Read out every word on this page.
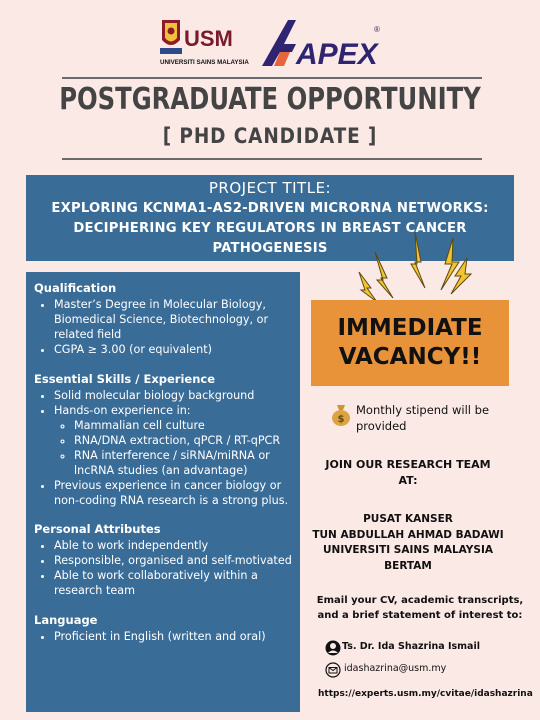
USM
UNIVERSITI SAINS MALAYSIA APEX
®
POSTGRADUATE OPPORTUNITY
[ PHD CANDIDATE ]
PROJECT TITLE:
EXPLORING KCNMA1-AS2-DRIVEN MICRORNA NETWORKS: DECIPHERING KEY REGULATORS IN BREAST CANCER PATHOGENESIS
Qualification
• Master’s Degree in Molecular Biology, Biomedical Science, Biotechnology, or related field
• CGPA ≥ 3.00 (or equivalent)
Essential Skills / Experience
• Solid molecular biology background
• Hands-on experience in:
◦ Mammalian cell culture
◦ RNA/DNA extraction, qPCR / RT-qPCR
◦ RNA interference / siRNA/miRNA or lncRNA studies (an advantage)
• Previous experience in cancer biology or non-coding RNA research is a strong plus.
Personal Attributes
• Able to work independently
• Responsible, organised and self-motivated
• Able to work collaboratively within a research team
Language
• Proficient in English (written and oral)
IMMEDIATE
VACANCY!!
$
Monthly stipend will be provided
JOIN OUR RESEARCH TEAM
AT:
PUSAT KANSER
TUN ABDULLAH AHMAD BADAWI
UNIVERSITI SAINS MALAYSIA
BERTAM
Email your CV, academic transcripts,
and a brief statement of interest to:
Ts. Dr. Ida Shazrina Ismail
idashazrina@usm.my
https://experts.usm.my/cvitae/idashazrina
